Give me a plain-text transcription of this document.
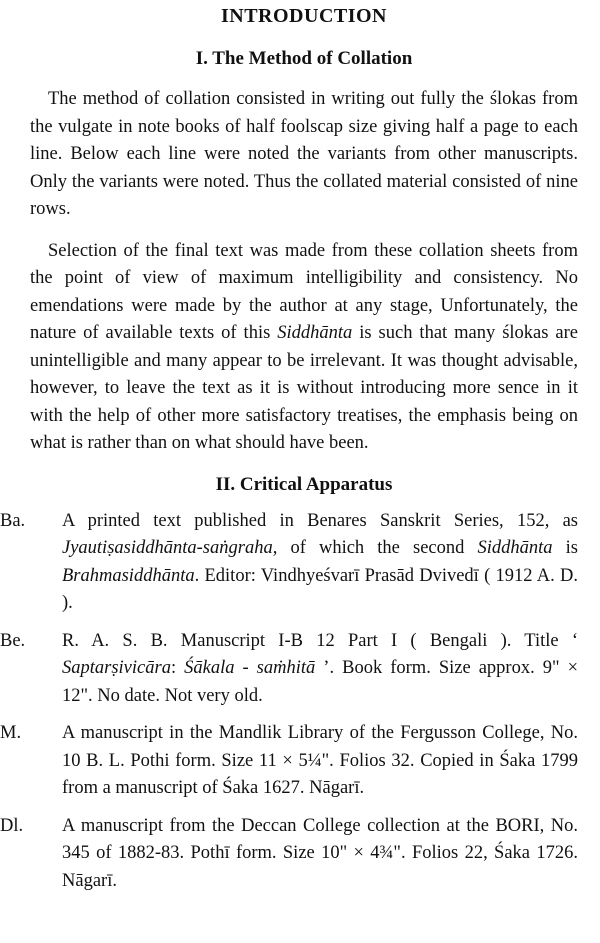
INTRODUCTION
I. The Method of Collation

The method of collation consisted in writing out fully the ślokas from the vulgate in note books of half foolscap size giving half a page to each line. Below each line were noted the variants from other manuscripts. Only the variants were noted. Thus the collated material consisted of nine rows.

Selection of the final text was made from these collation sheets from the point of view of maximum intelligibility and consistency. No emendations were made by the author at any stage, Unfortunately, the nature of available texts of this Siddhānta is such that many ślokas are unintelligible and many appear to be irrelevant. It was thought advisable, however, to leave the text as it is without introducing more sence in it with the help of other more satisfactory treatises, the emphasis being on what is rather than on what should have been.

II. Critical Apparatus
Ba.	A printed text published in Benares Sanskrit Series, 152, as Jyautiṣasiddhānta-saṅgraha, of which the second Siddhānta is Brahmasiddhānta. Editor: Vindhyeśvarī Prasād Dvivedī ( 1912 A. D. ).

Be.	R. A. S. B. Manuscript I-B 12 Part I ( Bengali ). Title ‘ Saptarṣivicāra: Śākala - saṁhitā ’. Book form. Size approx. 9" × 12". No date. Not very old.

M.	A manuscript in the Mandlik Library of the Fergusson College, No. 10 B. L. Pothi form. Size 11 × 5¼". Folios 32. Copied in Śaka 1799 from a manuscript of Śaka 1627. Nāgarī.

Dl.	A manuscript from the Deccan College collection at the BORI, No. 345 of 1882-83. Pothī form. Size 10" × 4¾". Folios 22, Śaka 1726. Nāgarī.
